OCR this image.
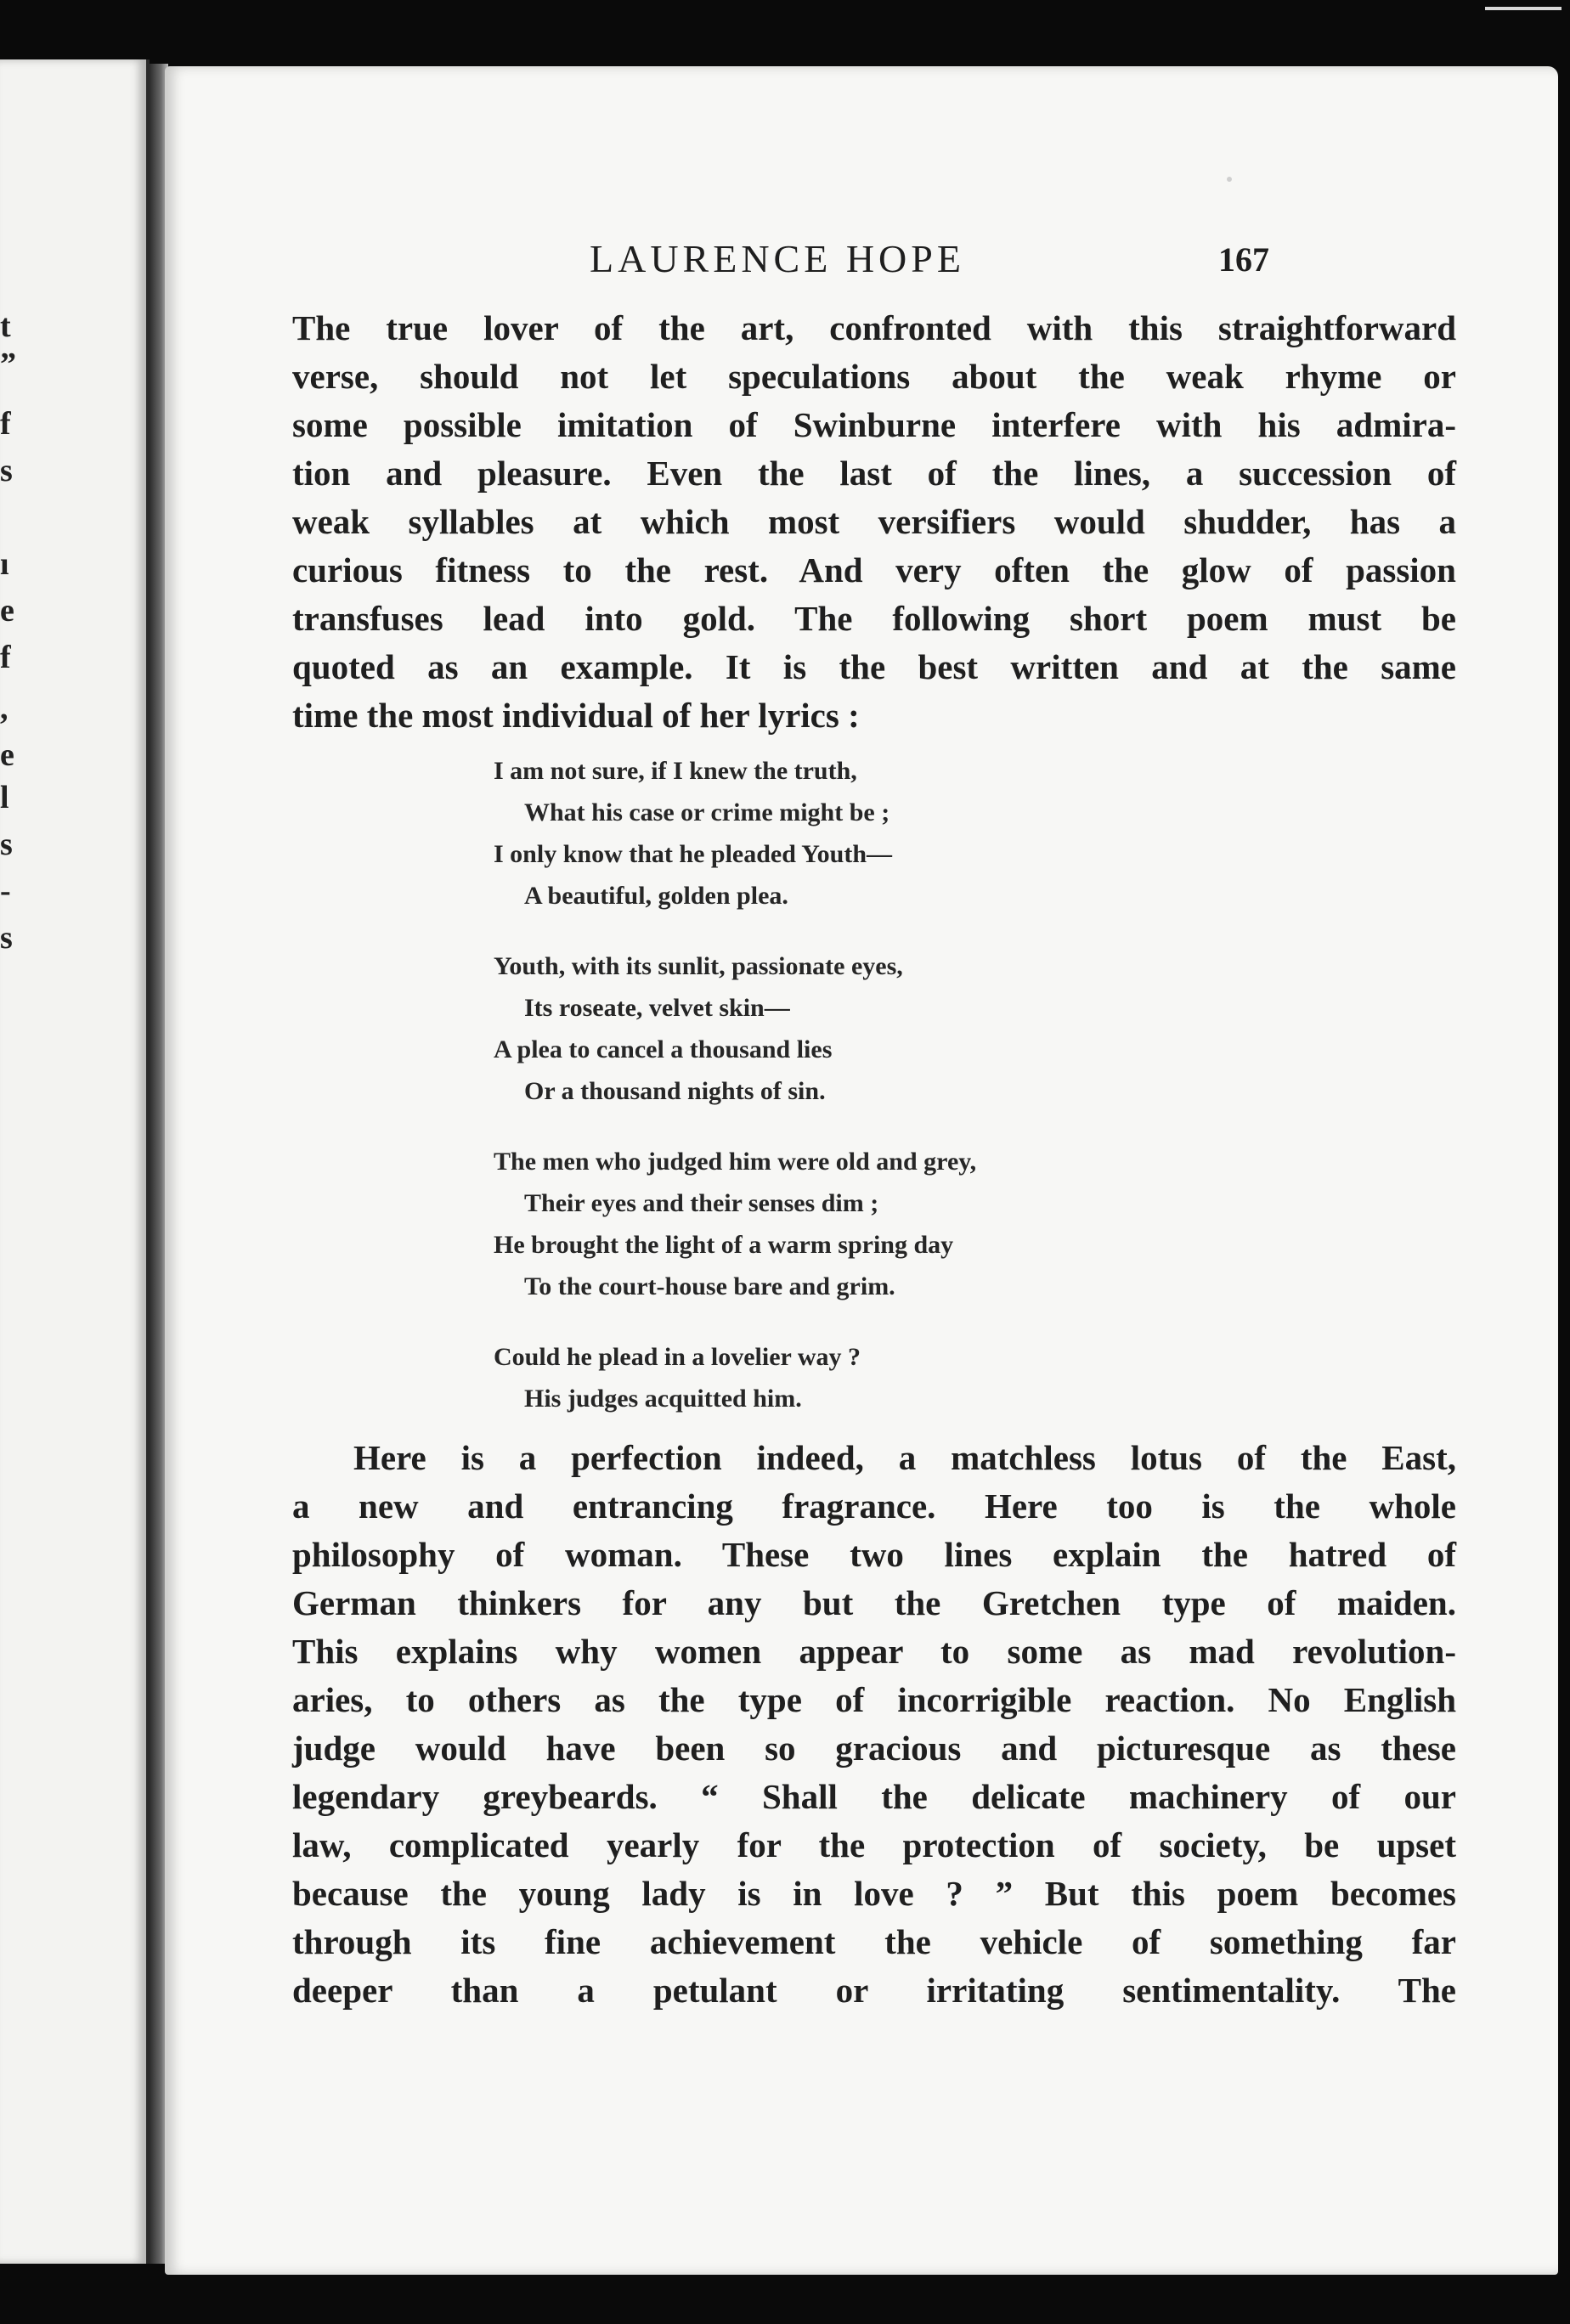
t
”
f
s
ı
e
f
,
e
l
s
-
s
LAURENCE HOPE	167
The true lover of the art, confronted with this straightforward
verse, should not let speculations about the weak rhyme or
some possible imitation of Swinburne interfere with his admira-
tion and pleasure. Even the last of the lines, a succession of
weak syllables at which most versifiers would shudder, has a
curious fitness to the rest. And very often the glow of passion
transfuses lead into gold. The following short poem must be
quoted as an example. It is the best written and at the same
time the most individual of her lyrics :
I am not sure, if I knew the truth,
What his case or crime might be ;
I only know that he pleaded Youth—
A beautiful, golden plea.
Youth, with its sunlit, passionate eyes,
Its roseate, velvet skin—
A plea to cancel a thousand lies
Or a thousand nights of sin.
The men who judged him were old and grey,
Their eyes and their senses dim ;
He brought the light of a warm spring day
To the court-house bare and grim.
Could he plead in a lovelier way ?
His judges acquitted him.
Here is a perfection indeed, a matchless lotus of the East,
a new and entrancing fragrance. Here too is the whole
philosophy of woman. These two lines explain the hatred of
German thinkers for any but the Gretchen type of maiden.
This explains why women appear to some as mad revolution-
aries, to others as the type of incorrigible reaction. No English
judge would have been so gracious and picturesque as these
legendary greybeards. “ Shall the delicate machinery of our
law, complicated yearly for the protection of society, be upset
because the young lady is in love ? ” But this poem becomes
through its fine achievement the vehicle of something far
deeper than a petulant or irritating sentimentality. The
